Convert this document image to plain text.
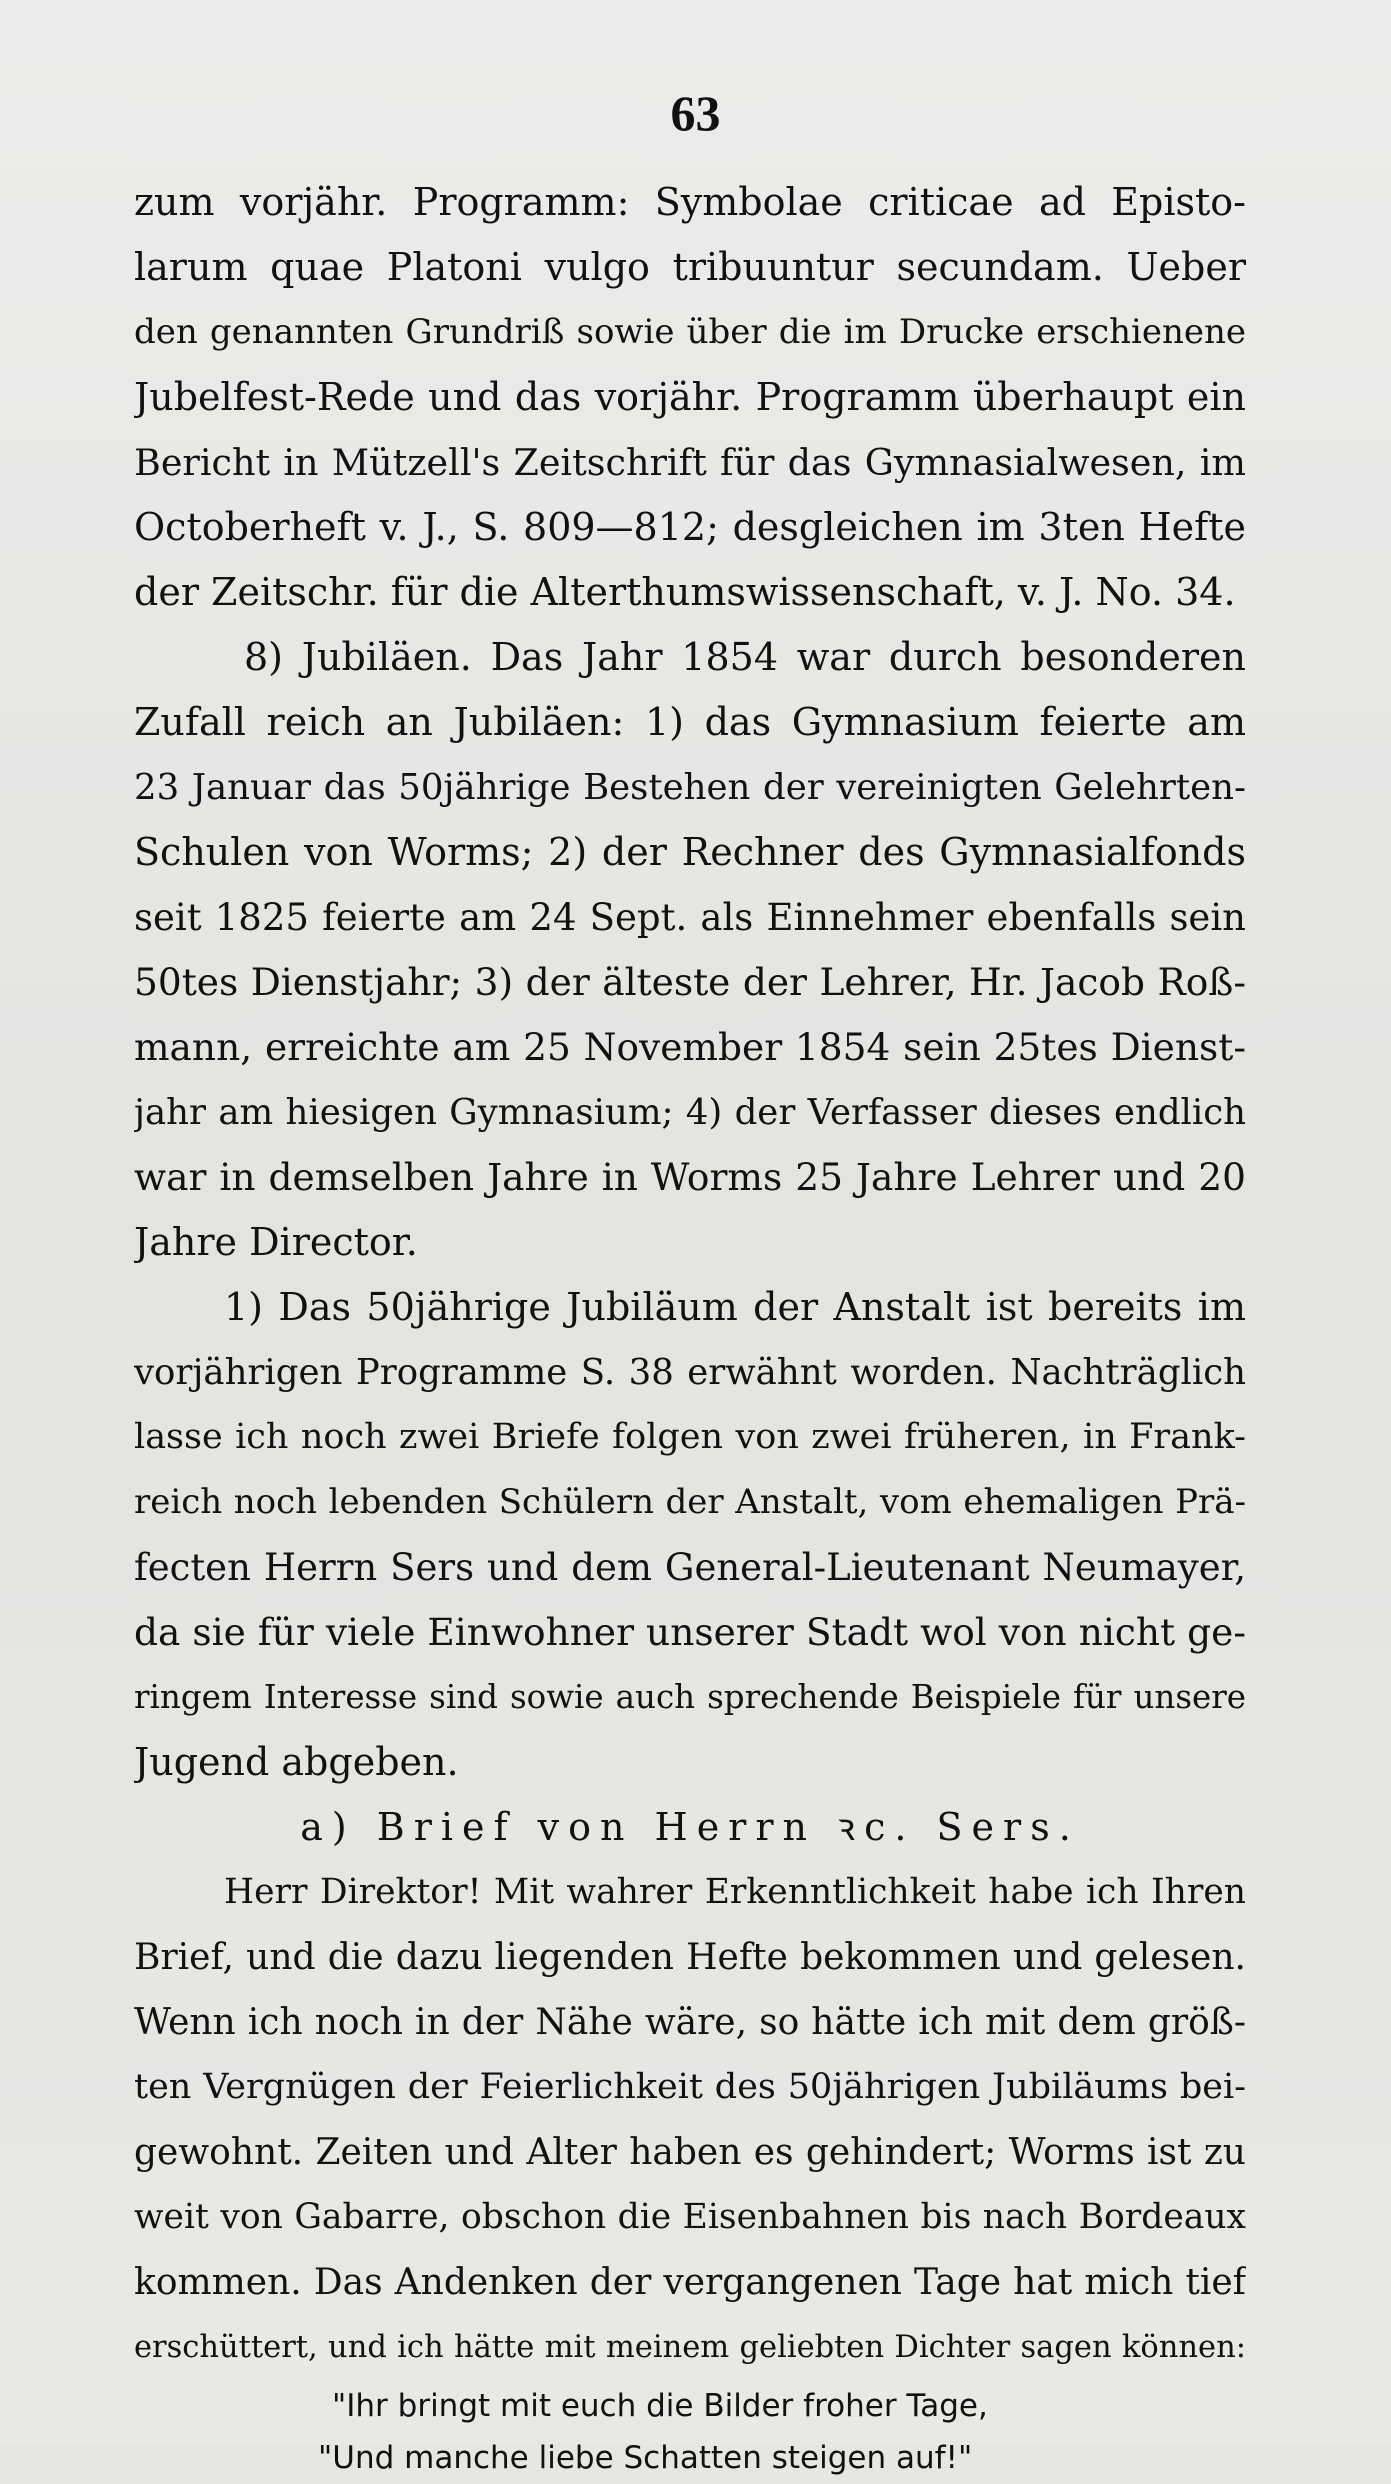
63
zum vorjähr. Programm: Symbolae criticae ad Episto-
larum quae Platoni vulgo tribuuntur secundam. Ueber
den genannten Grundriß sowie über die im Drucke erschienene
Jubelfest-Rede und das vorjähr. Programm überhaupt ein
Bericht in Mützell's Zeitschrift für das Gymnasialwesen, im
Octoberheft v. J., S. 809—812; desgleichen im 3ten Hefte
der Zeitschr. für die Alterthumswissenschaft, v. J. No. 34.
8) Jubiläen. Das Jahr 1854 war durch besonderen
Zufall reich an Jubiläen: 1) das Gymnasium feierte am
23 Januar das 50jährige Bestehen der vereinigten Gelehrten-
Schulen von Worms; 2) der Rechner des Gymnasialfonds
seit 1825 feierte am 24 Sept. als Einnehmer ebenfalls sein
50tes Dienstjahr; 3) der älteste der Lehrer, Hr. Jacob Roß-
mann, erreichte am 25 November 1854 sein 25tes Dienst-
jahr am hiesigen Gymnasium; 4) der Verfasser dieses endlich
war in demselben Jahre in Worms 25 Jahre Lehrer und 20
Jahre Director.
1) Das 50jährige Jubiläum der Anstalt ist bereits im
vorjährigen Programme S. 38 erwähnt worden. Nachträglich
lasse ich noch zwei Briefe folgen von zwei früheren, in Frank-
reich noch lebenden Schülern der Anstalt, vom ehemaligen Prä-
fecten Herrn Sers und dem General-Lieutenant Neumayer,
da sie für viele Einwohner unserer Stadt wol von nicht ge-
ringem Interesse sind sowie auch sprechende Beispiele für unsere
Jugend abgeben.
a) Brief von Herrn ꝛc. Sers.
Herr Direktor! Mit wahrer Erkenntlichkeit habe ich Ihren
Brief, und die dazu liegenden Hefte bekommen und gelesen.
Wenn ich noch in der Nähe wäre, so hätte ich mit dem größ-
ten Vergnügen der Feierlichkeit des 50jährigen Jubiläums bei-
gewohnt. Zeiten und Alter haben es gehindert; Worms ist zu
weit von Gabarre, obschon die Eisenbahnen bis nach Bordeaux
kommen. Das Andenken der vergangenen Tage hat mich tief
erschüttert, und ich hätte mit meinem geliebten Dichter sagen können:
"Ihr bringt mit euch die Bilder froher Tage,
"Und manche liebe Schatten steigen auf!"
